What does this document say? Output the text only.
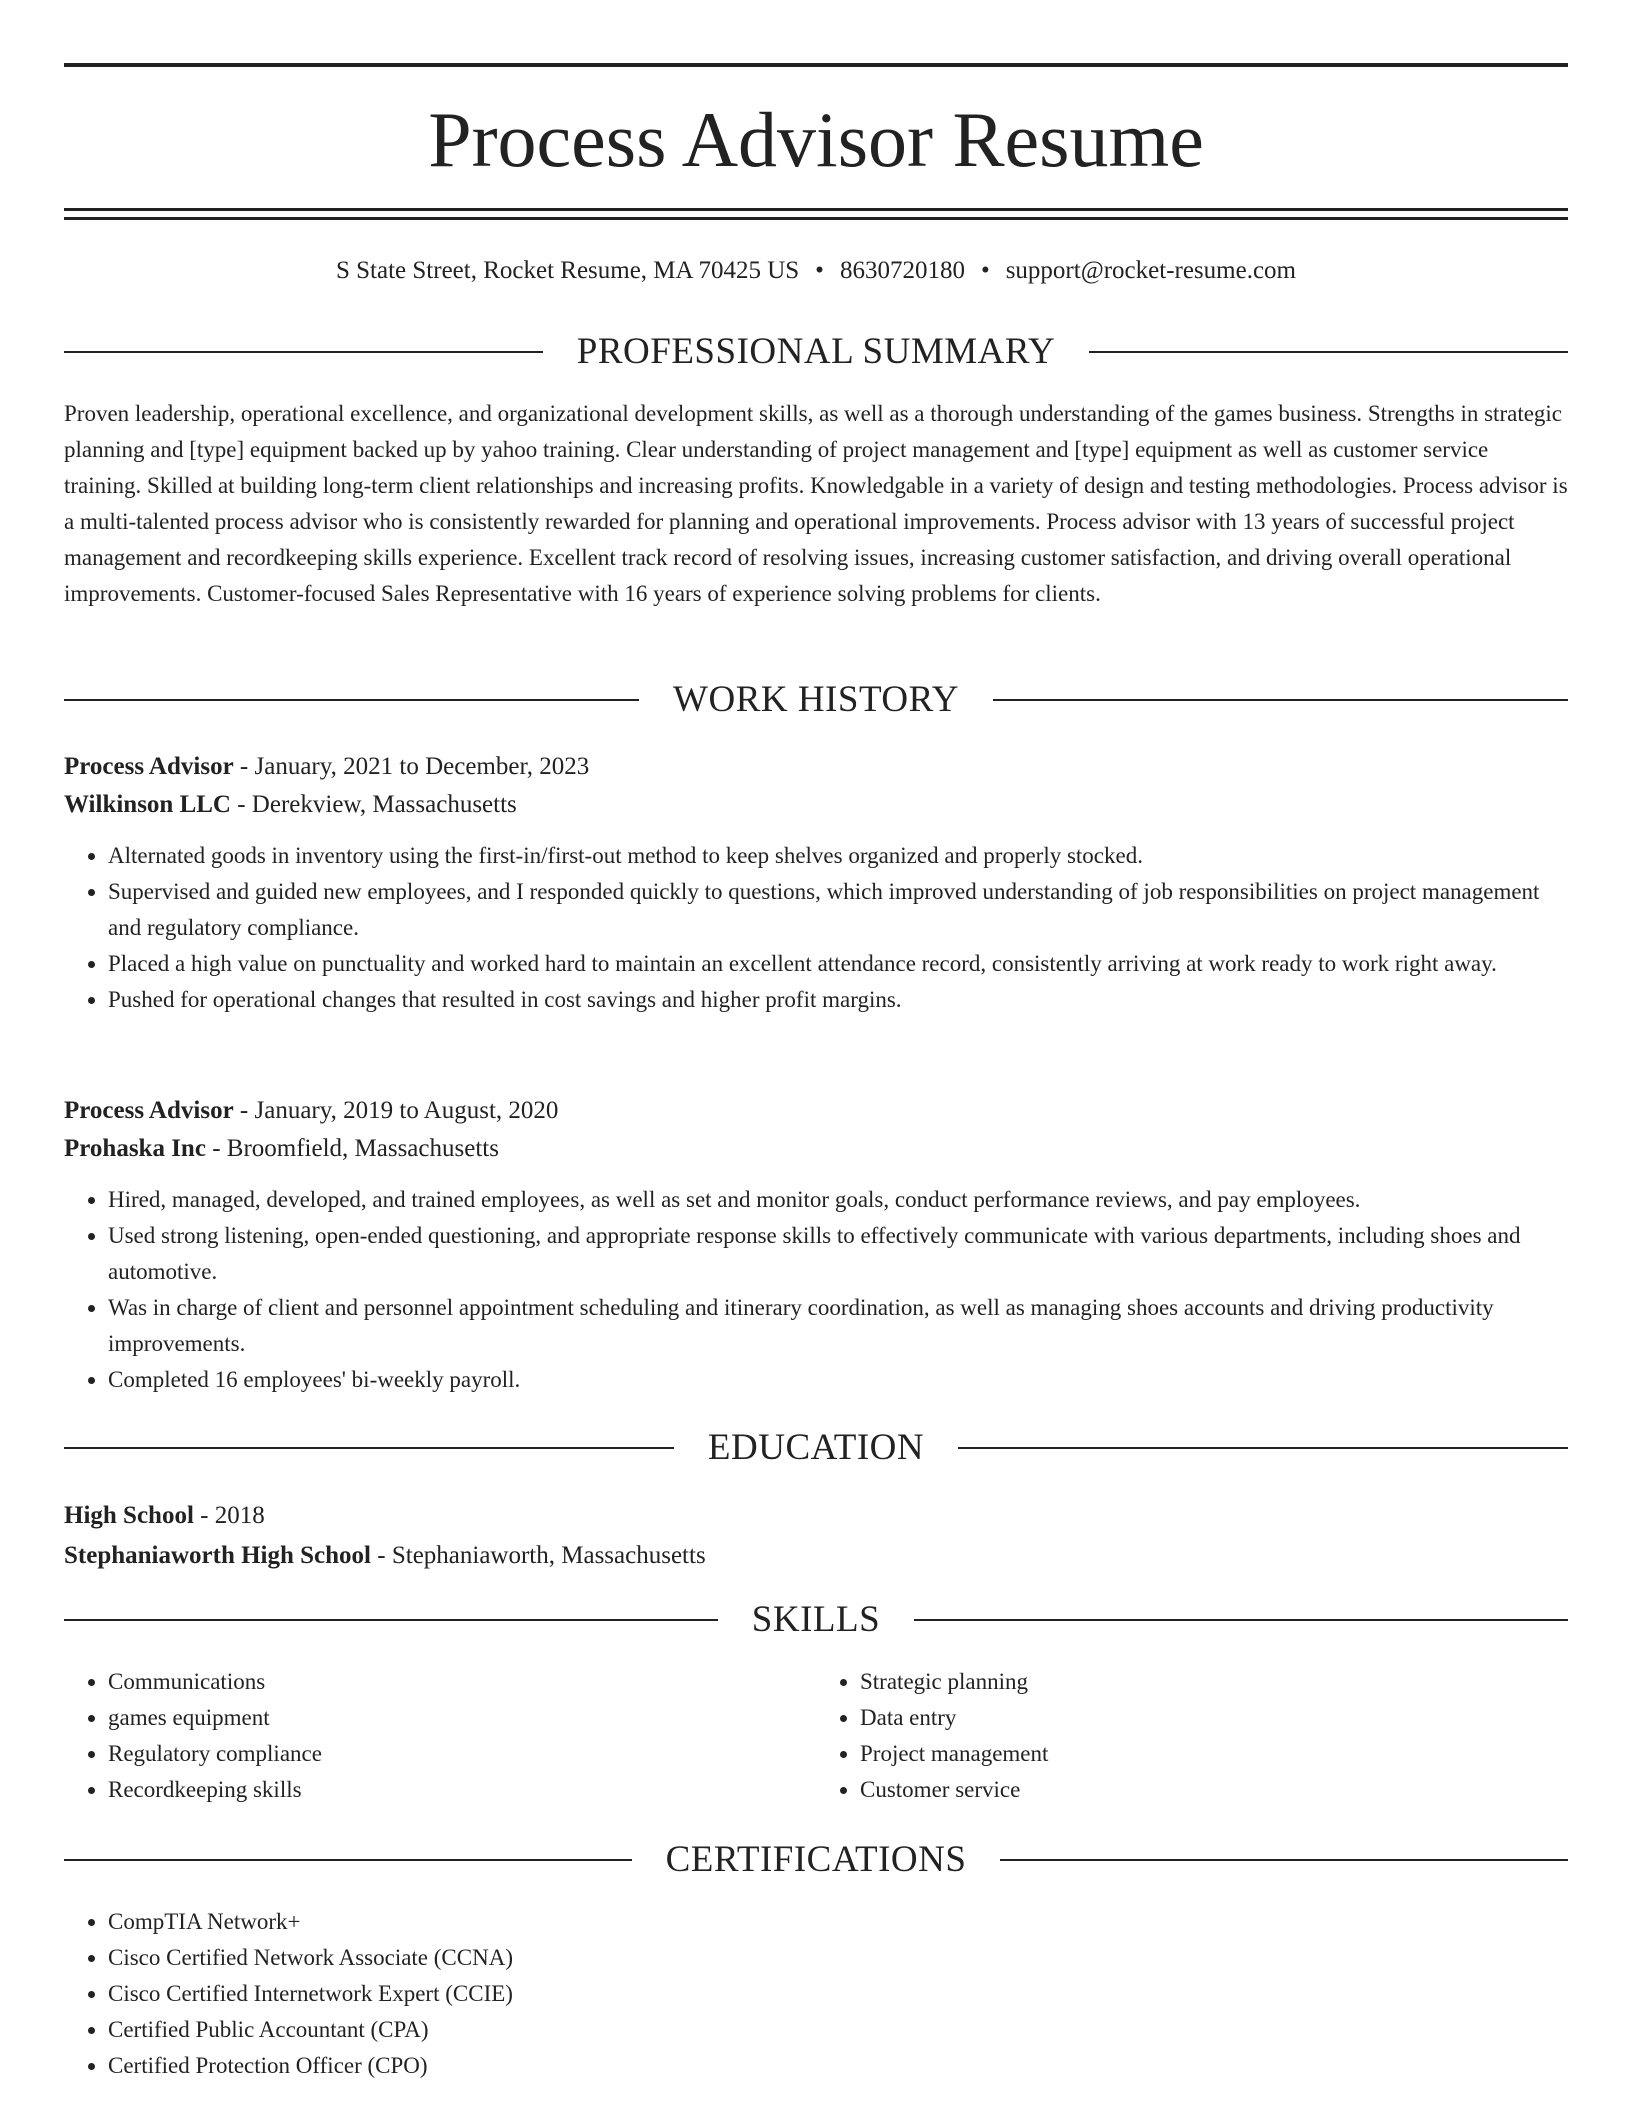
Process Advisor Resume
S State Street, Rocket Resume, MA 70425 US • 8630720180 • support@rocket-resume.com
PROFESSIONAL SUMMARY

Proven leadership, operational excellence, and organizational development skills, as well as a thorough understanding of the games business. Strengths in strategic planning and [type] equipment backed up by yahoo training. Clear understanding of project management and [type] equipment as well as customer service training. Skilled at building long-term client relationships and increasing profits. Knowledgable in a variety of design and testing methodologies. Process advisor is a multi-talented process advisor who is consistently rewarded for planning and operational improvements. Process advisor with 13 years of successful project management and recordkeeping skills experience. Excellent track record of resolving issues, increasing customer satisfaction, and driving overall operational improvements. Customer-focused Sales Representative with 16 years of experience solving problems for clients.

WORK HISTORY
Process Advisor - January, 2021 to December, 2023
Wilkinson LLC - Derekview, Massachusetts
• Alternated goods in inventory using the first-in/first-out method to keep shelves organized and properly stocked.
• Supervised and guided new employees, and I responded quickly to questions, which improved understanding of job responsibilities on project management and regulatory compliance.
• Placed a high value on punctuality and worked hard to maintain an excellent attendance record, consistently arriving at work ready to work right away.
• Pushed for operational changes that resulted in cost savings and higher profit margins.
Process Advisor - January, 2019 to August, 2020
Prohaska Inc - Broomfield, Massachusetts
• Hired, managed, developed, and trained employees, as well as set and monitor goals, conduct performance reviews, and pay employees.
• Used strong listening, open-ended questioning, and appropriate response skills to effectively communicate with various departments, including shoes and automotive.
• Was in charge of client and personnel appointment scheduling and itinerary coordination, as well as managing shoes accounts and driving productivity improvements.
• Completed 16 employees' bi-weekly payroll.
EDUCATION
High School - 2018
Stephaniaworth High School - Stephaniaworth, Massachusetts
SKILLS
• Communications
• games equipment
• Regulatory compliance
• Recordkeeping skills
• Strategic planning
• Data entry
• Project management
• Customer service
CERTIFICATIONS
• CompTIA Network+
• Cisco Certified Network Associate (CCNA)
• Cisco Certified Internetwork Expert (CCIE)
• Certified Public Accountant (CPA)
• Certified Protection Officer (CPO)
